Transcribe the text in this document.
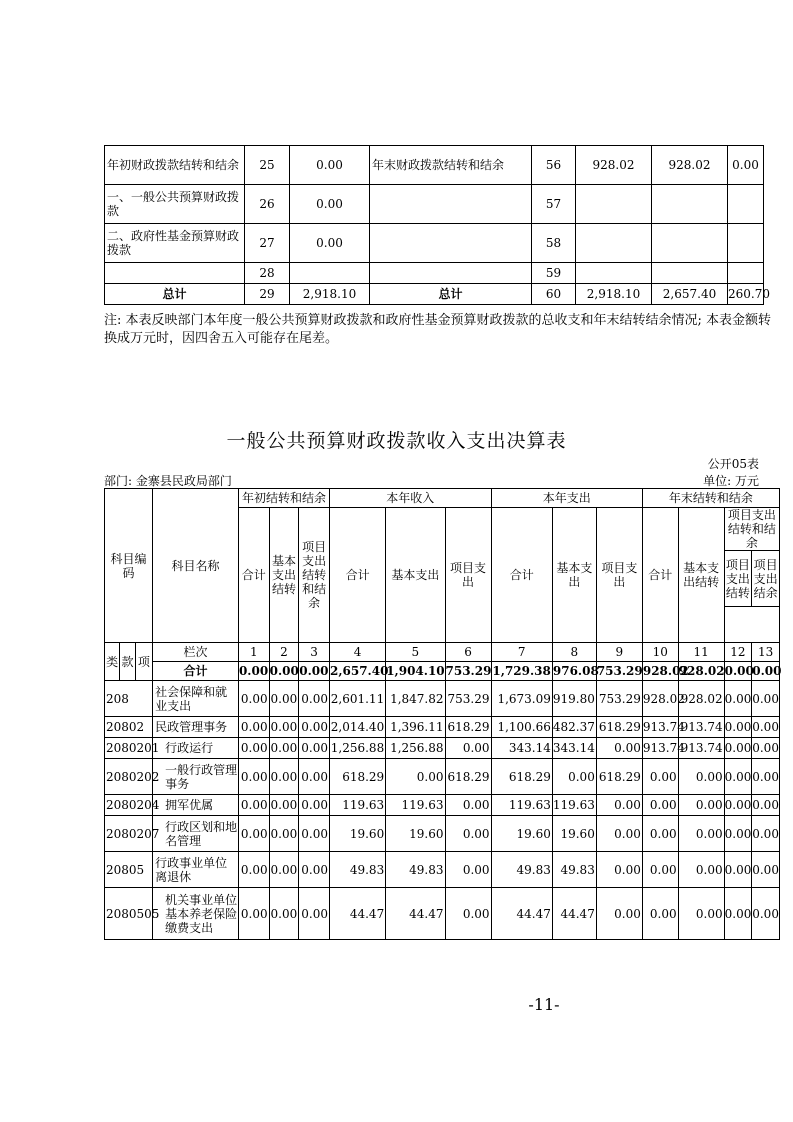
年初财政拨款结转和结余	25	0.00	年末财政拨款结转和结余	56	928.02	928.02	0.00
一、一般公共预算财政拨款	26	0.00		57			
二、政府性基金预算财政拨款	27	0.00		58			
	28			59			
总计	29	2,918.10	总计	60	2,918.10	2,657.40	260.70
注: 本表反映部门本年度一般公共预算财政拨款和政府性基金预算财政拨款的总收支和年末结转结余情况; 本表金额转换成万元时，因四舍五入可能存在尾差。
一般公共预算财政拨款收入支出决算表
公开05表
部门: 金寨县民政局部门	单位: 万元
科目编码			科目名称	年初结转和结余			本年收入			本年支出			年末结转和结余			
				合计	基本支出结转	项目支出结转和结余	合计	基本支出	项目支出	合计	基本支出	项目支出	合计	基本支出结转	项目支出结转和结余	
															项目支出结转	项目支出结余

类	款	项	栏次	1	2	3	4	5	6	7	8	9	10	11	12	13
			合计	0.00	0.00	0.00	2,657.40	1,904.10	753.29	1,729.38	976.08	753.29	928.02	928.02	0.00	0.00
208			社会保障和就业支出	0.00	0.00	0.00	2,601.11	1,847.82	753.29	1,673.09	919.80	753.29	928.02	928.02	0.00	0.00
20802			民政管理事务	0.00	0.00	0.00	2,014.40	1,396.11	618.29	1,100.66	482.37	618.29	913.74	913.74	0.00	0.00
2080201			行政运行	0.00	0.00	0.00	1,256.88	1,256.88	0.00	343.14	343.14	0.00	913.74	913.74	0.00	0.00
2080202			一般行政管理事务	0.00	0.00	0.00	618.29	0.00	618.29	618.29	0.00	618.29	0.00	0.00	0.00	0.00
2080204			拥军优属	0.00	0.00	0.00	119.63	119.63	0.00	119.63	119.63	0.00	0.00	0.00	0.00	0.00
2080207			行政区划和地名管理	0.00	0.00	0.00	19.60	19.60	0.00	19.60	19.60	0.00	0.00	0.00	0.00	0.00
20805			行政事业单位离退休	0.00	0.00	0.00	49.83	49.83	0.00	49.83	49.83	0.00	0.00	0.00	0.00	0.00
2080505			机关事业单位基本养老保险缴费支出	0.00	0.00	0.00	44.47	44.47	0.00	44.47	44.47	0.00	0.00	0.00	0.00	0.00
-11-
